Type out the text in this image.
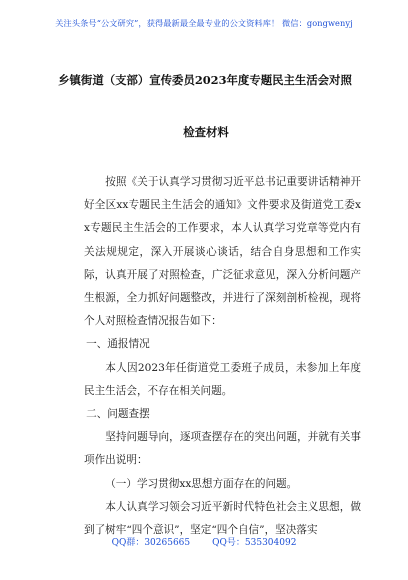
关注头条号“公文研究”，获得最新最全最专业的公文资料库！ 微信：gongwenyj
乡镇街道（支部）宣传委员2023年度专题民主生活会对照
检查材料

按照《关于认真学习贯彻习近平总书记重要讲话精神开好全区xx专题民主生活会的通知》文件要求及街道党工委xx专题民主生活会的工作要求，本人认真学习党章等党内有关法规规定，深入开展谈心谈话，结合自身思想和工作实际，认真开展了对照检查，广泛征求意见，深入分析问题产生根源，全力抓好问题整改，并进行了深刻剖析检视，现将个人对照检查情况报告如下：

一、通报情况

本人因2023年任街道党工委班子成员，未参加上年度民主生活会，不存在相关问题。

二、问题查摆

坚持问题导向，逐项查摆存在的突出问题，并就有关事项作出说明：

（一）学习贯彻xx思想方面存在的问题。

本人认真学习领会习近平新时代特色社会主义思想，做到了树牢“四个意识”，坚定“四个自信”，坚决落实

QQ群：30265665 QQ号：535304092
